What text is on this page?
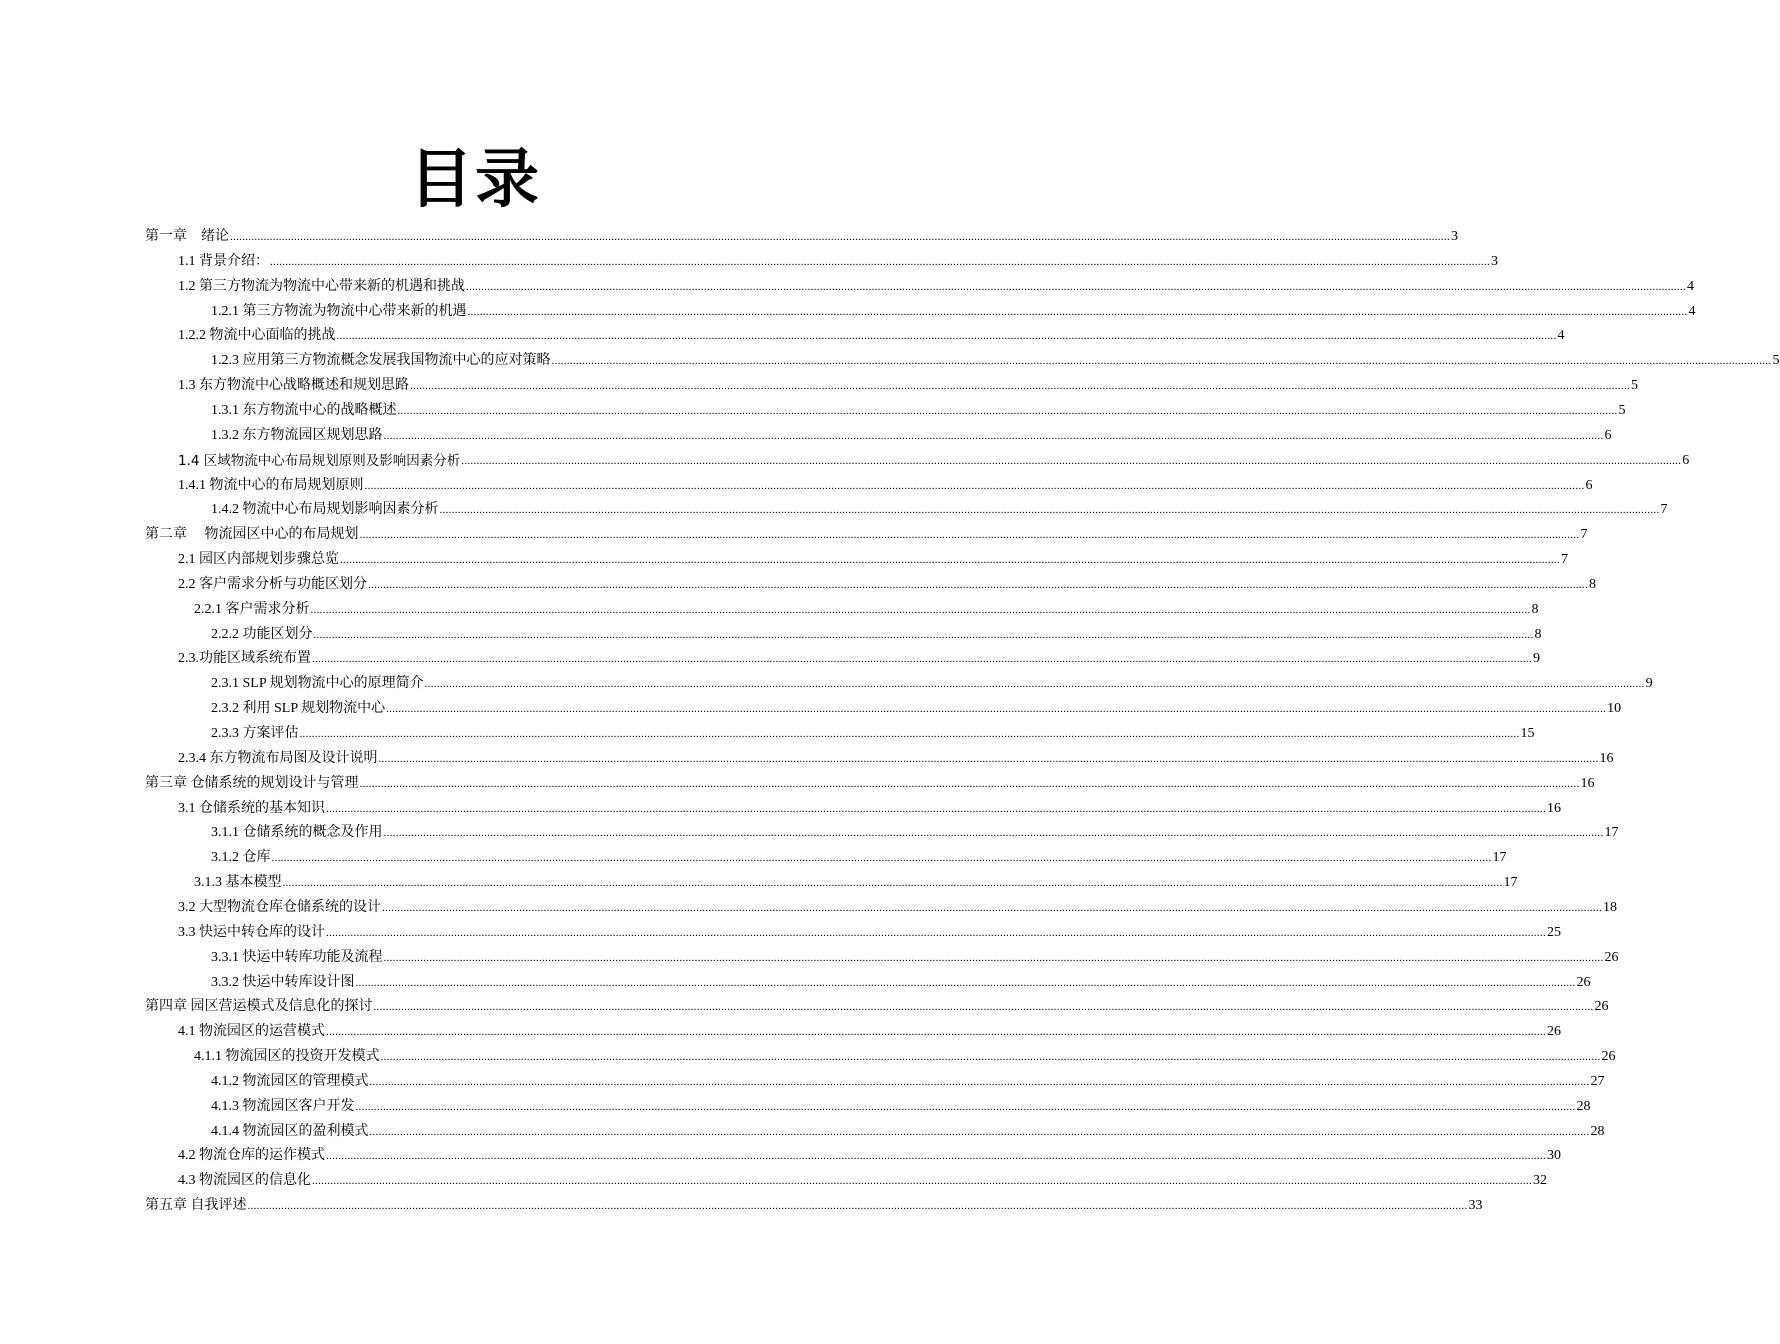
目录
第一章　绪论 ................................................................................................................................................................................................................................................................................................................................................................................................................ 3
1.1 背景介绍： ................................................................................................................................................................................................................................................................................................................................................................................................................ 3
1.2 第三方物流为物流中心带来新的机遇和挑战 ................................................................................................................................................................................................................................................................................................................................................................................................................ 4
1.2.1 第三方物流为物流中心带来新的机遇 ................................................................................................................................................................................................................................................................................................................................................................................................................ 4
1.2.2 物流中心面临的挑战 ................................................................................................................................................................................................................................................................................................................................................................................................................ 4
1.2.3 应用第三方物流概念发展我国物流中心的应对策略 ................................................................................................................................................................................................................................................................................................................................................................................................................ 5
1.3 东方物流中心战略概述和规划思路 ................................................................................................................................................................................................................................................................................................................................................................................................................ 5
1.3.1 东方物流中心的战略概述 ................................................................................................................................................................................................................................................................................................................................................................................................................ 5
1.3.2 东方物流园区规划思路 ................................................................................................................................................................................................................................................................................................................................................................................................................ 6
1.4 区域物流中心布局规划原则及影响因素分析 ................................................................................................................................................................................................................................................................................................................................................................................................................ 6
1.4.1 物流中心的布局规划原则 ................................................................................................................................................................................................................................................................................................................................................................................................................ 6
1.4.2 物流中心布局规划影响因素分析 ................................................................................................................................................................................................................................................................................................................................................................................................................ 7
第二章　 物流园区中心的布局规划 ................................................................................................................................................................................................................................................................................................................................................................................................................ 7
2.1 园区内部规划步骤总览 ................................................................................................................................................................................................................................................................................................................................................................................................................ 7
2.2 客户需求分析与功能区划分 ................................................................................................................................................................................................................................................................................................................................................................................................................ 8
2.2.1 客户需求分析 ................................................................................................................................................................................................................................................................................................................................................................................................................ 8
2.2.2 功能区划分 ................................................................................................................................................................................................................................................................................................................................................................................................................ 8
2.3.功能区域系统布置 ................................................................................................................................................................................................................................................................................................................................................................................................................ 9
2.3.1 SLP 规划物流中心的原理简介 ................................................................................................................................................................................................................................................................................................................................................................................................................ 9
2.3.2 利用 SLP 规划物流中心 ................................................................................................................................................................................................................................................................................................................................................................................................................ 10
2.3.3 方案评估 ................................................................................................................................................................................................................................................................................................................................................................................................................ 15
2.3.4 东方物流布局图及设计说明 ................................................................................................................................................................................................................................................................................................................................................................................................................ 16
第三章 仓储系统的规划设计与管理 ................................................................................................................................................................................................................................................................................................................................................................................................................ 16
3.1 仓储系统的基本知识 ................................................................................................................................................................................................................................................................................................................................................................................................................ 16
3.1.1 仓储系统的概念及作用 ................................................................................................................................................................................................................................................................................................................................................................................................................ 17
3.1.2 仓库 ................................................................................................................................................................................................................................................................................................................................................................................................................ 17
3.1.3 基本模型 ................................................................................................................................................................................................................................................................................................................................................................................................................ 17
3.2 大型物流仓库仓储系统的设计 ................................................................................................................................................................................................................................................................................................................................................................................................................ 18
3.3 快运中转仓库的设计 ................................................................................................................................................................................................................................................................................................................................................................................................................ 25
3.3.1 快运中转库功能及流程 ................................................................................................................................................................................................................................................................................................................................................................................................................ 26
3.3.2 快运中转库设计图 ................................................................................................................................................................................................................................................................................................................................................................................................................ 26
第四章 园区营运模式及信息化的探讨 ................................................................................................................................................................................................................................................................................................................................................................................................................ 26
4.1 物流园区的运营模式 ................................................................................................................................................................................................................................................................................................................................................................................................................ 26
4.1.1 物流园区的投资开发模式 ................................................................................................................................................................................................................................................................................................................................................................................................................ 26
4.1.2 物流园区的管理模式 ................................................................................................................................................................................................................................................................................................................................................................................................................ 27
4.1.3 物流园区客户开发 ................................................................................................................................................................................................................................................................................................................................................................................................................ 28
4.1.4 物流园区的盈利模式 ................................................................................................................................................................................................................................................................................................................................................................................................................ 28
4.2 物流仓库的运作模式 ................................................................................................................................................................................................................................................................................................................................................................................................................ 30
4.3 物流园区的信息化 ................................................................................................................................................................................................................................................................................................................................................................................................................ 32
第五章 自我评述 ................................................................................................................................................................................................................................................................................................................................................................................................................ 33
